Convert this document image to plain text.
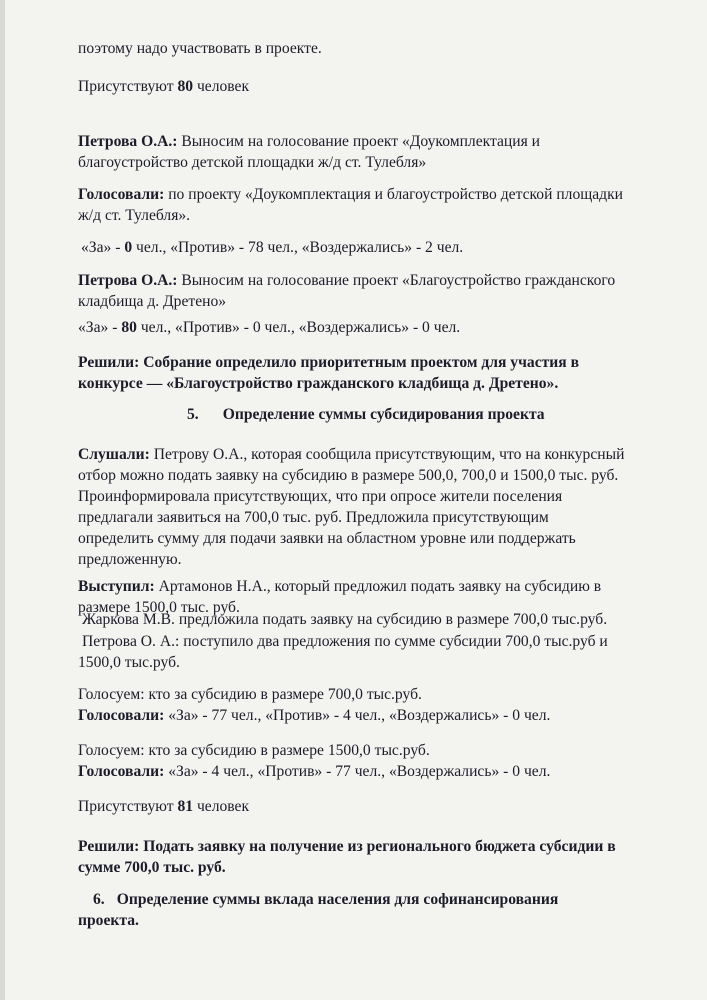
поэтому надо участвовать в проекте.

Присутствуют 80 человек

Петрова О.А.: Выносим на голосование проект «Доукомплектация и
благоустройство детской площадки ж/д ст. Тулебля»

Голосовали: по проекту «Доукомплектация и благоустройство детской площадки
ж/д ст. Тулебля».

«За» - 0 чел., «Против» - 78 чел., «Воздержались» - 2 чел.

Петрова О.А.: Выносим на голосование проект «Благоустройство гражданского
кладбища д. Дретено»

«За» - 80 чел., «Против» - 0 чел., «Воздержались» - 0 чел.

Решили: Собрание определило приоритетным проектом для участия в
конкурсе — «Благоустройство гражданского кладбища д. Дретено».

5. Определение суммы субсидирования проекта

Слушали: Петрову О.А., которая сообщила присутствующим, что на конкурсный
отбор можно подать заявку на субсидию в размере 500,0, 700,0 и 1500,0 тыс. руб.
Проинформировала присутствующих, что при опросе жители поселения
предлагали заявиться на 700,0 тыс. руб. Предложила присутствующим
определить сумму для подачи заявки на областном уровне или поддержать
предложенную.

Выступил: Артамонов Н.А., который предложил подать заявку на субсидию в
размере 1500,0 тыс. руб.

Жаркова М.В. предложила подать заявку на субсидию в размере 700,0 тыс.руб.

Петрова О. А.: поступило два предложения по сумме субсидии 700,0 тыс.руб и
1500,0 тыс.руб.

Голосуем: кто за субсидию в размере 700,0 тыс.руб.
Голосовали: «За» - 77 чел., «Против» - 4 чел., «Воздержались» - 0 чел.

Голосуем: кто за субсидию в размере 1500,0 тыс.руб.
Голосовали: «За» - 4 чел., «Против» - 77 чел., «Воздержались» - 0 чел.

Присутствуют 81 человек

Решили: Подать заявку на получение из регионального бюджета субсидии в
сумме 700,0 тыс. руб.

6. Определение суммы вклада населения для софинансирования
проекта.
